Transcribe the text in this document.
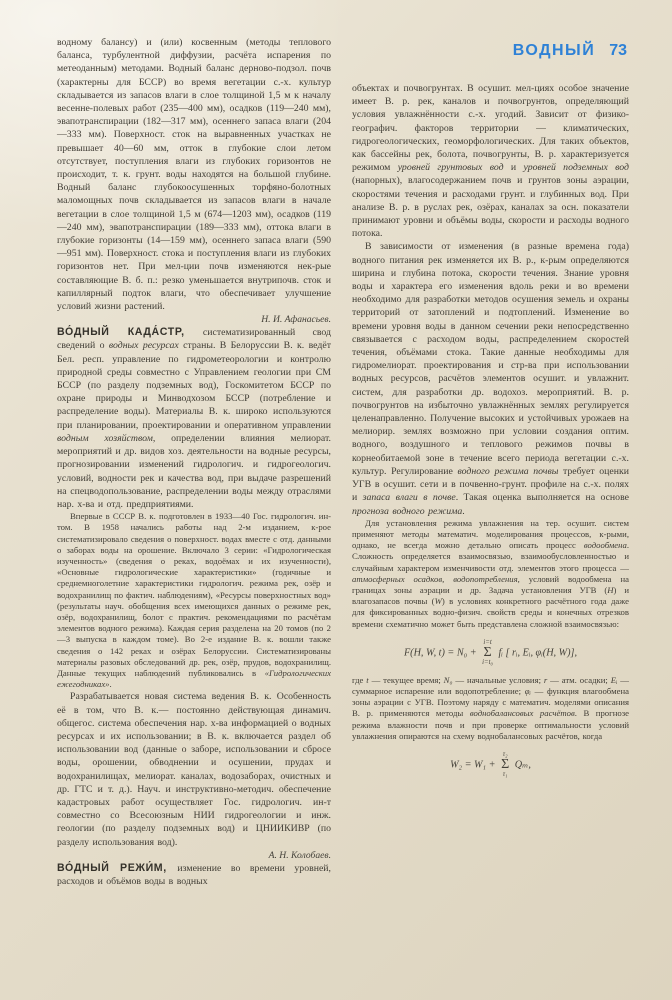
водному балансу) и (или) косвенным (методы теплового баланса, турбулентной диффузии, расчёта испарения по метеоданным) методами. Водный баланс дерново-подзол. почв (характерны для БССР) во время вегетации с.-х. культур складывается из запасов влаги в слое толщиной 1,5 м к началу весенне-полевых работ (235—400 мм), осадков (119—240 мм), эвапотранспирации (182—317 мм), осеннего запаса влаги (204—333 мм). Поверхност. сток на выравненных участках не превышает 40—60 мм, отток в глубокие слои летом отсутствует, поступления влаги из глубоких горизонтов не происходит, т. к. грунт. воды находятся на большой глубине. Водный баланс глубокоосушенных торфяно-болотных маломощных почв складывается из запасов влаги в начале вегетации в слое толщиной 1,5 м (674—1203 мм), осадков (119—240 мм), эвапотранспирации (189—333 мм), оттока влаги в глубокие горизонты (14—159 мм), осеннего запаса влаги (590—951 мм). Поверхност. стока и поступления влаги из глубоких горизонтов нет. При мел-ции почв изменяются нек-рые составляющие В. б. п.: резко уменьшается внутрипочв. сток и капиллярный подток влаги, что обеспечивает улучшение условий жизни растений.

Н. И. Афанасьев.

ВО́ДНЫЙ КАДА́СТР, систематизированный свод сведений о водных ресурсах страны. В Белоруссии В. к. ведёт Бел. респ. управление по гидрометеорологии и контролю природной среды совместно с Управлением геологии при СМ БССР (по разделу подземных вод), Госкомитетом БССР по охране природы и Минводхозом БССР (потребление и распределение воды). Материалы В. к. широко используются при планировании, проектировании и оперативном управлении водным хозяйством, определении влияния мелиорат. мероприятий и др. видов хоз. деятельности на водные ресурсы, прогнозировании изменений гидрологич. и гидрогеологич. условий, водности рек и качества вод, при выдаче разрешений на спецводопользование, распределении воды между отраслями нар. х-ва и отд. предприятиями.

Впервые в СССР В. к. подготовлен в 1933—40 Гос. гидрологич. ин-том. В 1958 начались работы над 2-м изданием, к-рое систематизировало сведения о поверхност. водах вместе с отд. данными о заборах воды на орошение. Включало 3 серии: «Гидрологическая изученность» (сведения о реках, водоёмах и их изученности), «Основные гидрологические характеристики» (годичные и среднемноголетние характеристики гидрологич. режима рек, озёр и водохранилищ по фактич. наблюдениям), «Ресурсы поверхностных вод» (результаты науч. обобщения всех имеющихся данных о режиме рек, озёр, водохранилищ, болот с практич. рекомендациями по расчётам элементов водного режима). Каждая серия разделена на 20 томов (по 2—3 выпуска в каждом томе). Во 2-е издание В. к. вошли также сведения о 142 реках и озёрах Белоруссии. Систематизированы материалы разовых обследований др. рек, озёр, прудов, водохранилищ. Данные текущих наблюдений публиковались в «Гидрологических ежегодниках».

Разрабатывается новая система ведения В. к. Особенность её в том, что В. к.— постоянно действующая динамич. общегос. система обеспечения нар. х-ва информацией о водных ресурсах и их использовании; в В. к. включается раздел об использовании вод (данные о заборе, использовании и сбросе воды, орошении, обводнении и осушении, прудах и водохранилищах, мелиорат. каналах, водозаборах, очистных и др. ГТС и т. д.). Науч. и инструктивно-методич. обеспечение кадастровых работ осуществляет Гос. гидрологич. ин-т совместно со Всесоюзным НИИ гидрогеологии и инж. геологии (по разделу подземных вод) и ЦНИИКИВР (по разделу использования вод).

А. Н. Колобаев.

ВО́ДНЫЙ РЕЖИ́М, изменение во времени уровней, расходов и объёмов воды в водных

ВОДНЫЙ 73

объектах и почвогрунтах. В осушит. мел-циях особое значение имеет В. р. рек, каналов и почвогрунтов, определяющий условия увлажнённости с.-х. угодий. Зависит от физико-географич. факторов территории — климатических, гидрогеологических, геоморфологических. Для таких объектов, как бассейны рек, болота, почвогрунты, В. р. характеризуется режимом уровней грунтовых вод и уровней подземных вод (напорных), влагосодержанием почв и грунтов зоны аэрации, скоростями течения и расходами грунт. и глубинных вод. При анализе В. р. в руслах рек, озёрах, каналах за осн. показатели принимают уровни и объёмы воды, скорости и расходы водного потока.

В зависимости от изменения (в разные времена года) водного питания рек изменяется их В. р., к-рым определяются ширина и глубина потока, скорости течения. Знание уровня воды и характера его изменения вдоль реки и во времени необходимо для разработки методов осушения земель и охраны территорий от затоплений и подтоплений. Изменение во времени уровня воды в данном сечении реки непосредственно связывается с расходом воды, распределением скоростей течения, объёмами стока. Такие данные необходимы для гидромелиорат. проектирования и стр-ва при использовании водных ресурсов, расчётов элементов осушит. и увлажнит. систем, для разработки др. водохоз. мероприятий. В. р. почвогрунтов на избыточно увлажнённых землях регулируется целенаправленно. Получение высоких и устойчивых урожаев на мелиорир. землях возможно при условии создания оптим. водного, воздушного и теплового режимов почвы в корнеобитаемой зоне в течение всего периода вегетации с.-х. культур. Регулирование водного режима почвы требует оценки УГВ в осушит. сети и в почвенно-грунт. профиле на с.-х. полях и запаса влаги в почве. Такая оценка выполняется на основе прогноза водного режима.

Для установления режима увлажнения на тер. осушит. систем применяют методы математич. моделирования процессов, к-рыми, однако, не всегда можно детально описать процесс водообмена. Сложность определяется взаимосвязью, взаимообусловленностью и случайным характером изменчивости отд. элементов этого процесса — атмосферных осадков, водопотребления, условий водообмена на границах зоны аэрации и др. Задача установления УГВ (H) и влагозапасов почвы (W) в условиях конкретного расчётного года даже для фиксированных водно-физич. свойств среды и конечных отрезков времени схематично может быть представлена сложной взаимосвязью:

F(H, W, t) = N₀ +
i=t
Σ
i=t₀
fᵢ [ rᵢ, Eᵢ, φᵢ(H, W)],

где t — текущее время; N₀ — начальные условия; r — атм. осадки; Eᵢ — суммарное испарение или водопотребление; φᵢ — функция влагообмена зоны аэрации с УГВ. Поэтому наряду с математич. моделями описания В. р. применяются методы воднобалансовых расчётов. В прогнозе режима влажности почв и при проверке оптимальности условий увлажнения опираются на схему воднобалансовых расчётов, когда

W₂ = W₁ +
τ₂
Σ
τ₁
Qₘ,
